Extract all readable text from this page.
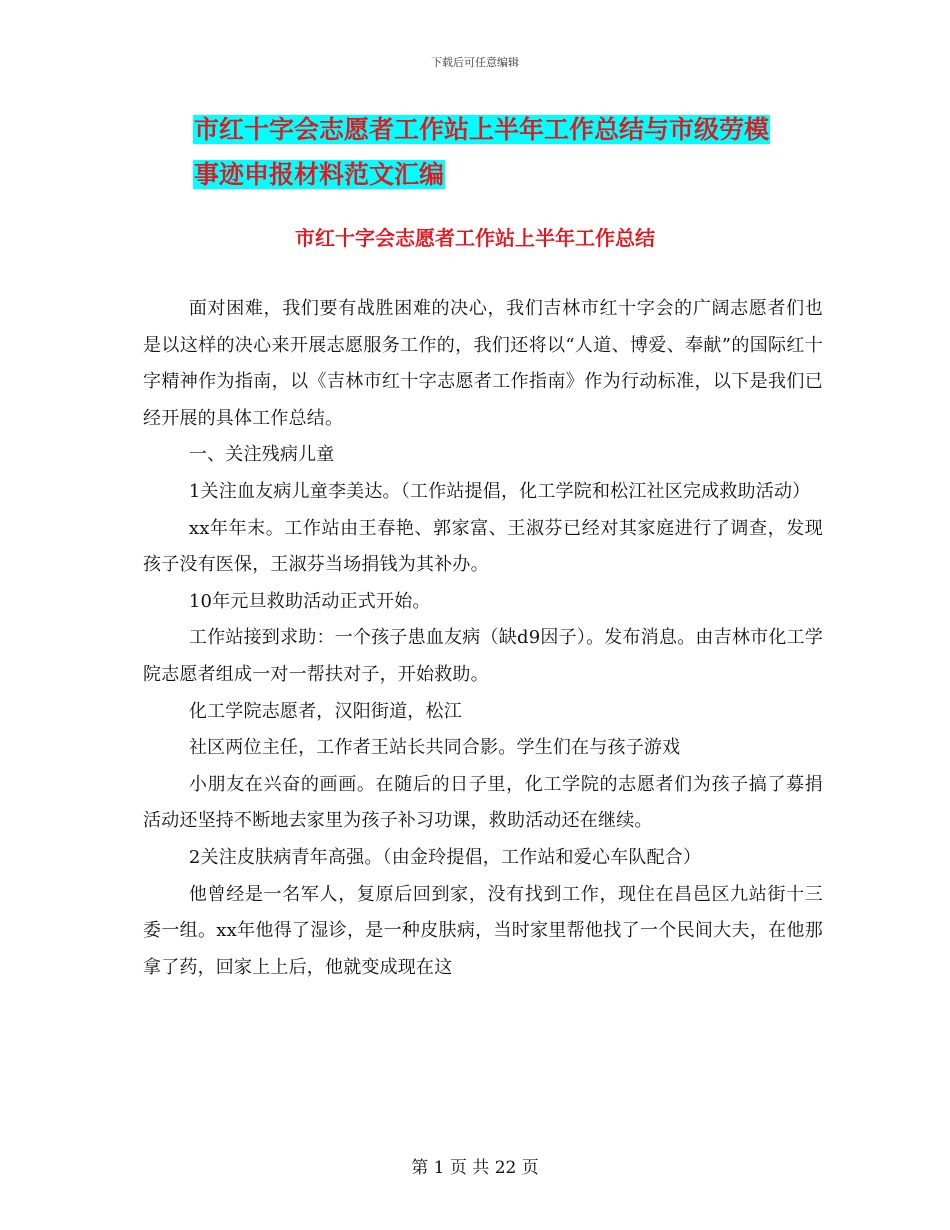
下载后可任意编辑
市红十字会志愿者工作站上半年工作总结与市级劳模
事迹申报材料范文汇编
市红十字会志愿者工作站上半年工作总结

面对困难，我们要有战胜困难的决心，我们吉林市红十字会的广阔志愿者们也是以这样的决心来开展志愿服务工作的，我们还将以“人道、博爱、奉献”的国际红十字精神作为指南，以《吉林市红十字志愿者工作指南》作为行动标准，以下是我们已经开展的具体工作总结。

一、关注残病儿童

1关注血友病儿童李美达。（工作站提倡，化工学院和松江社区完成救助活动）

xx年年末。工作站由王春艳、郭家富、王淑芬已经对其家庭进行了调查，发现孩子没有医保，王淑芬当场捐钱为其补办。

10年元旦救助活动正式开始。

工作站接到求助：一个孩子患血友病（缺d9因子）。发布消息。由吉林市化工学院志愿者组成一对一帮扶对子，开始救助。

化工学院志愿者，汉阳街道，松江

社区两位主任，工作者王站长共同合影。学生们在与孩子游戏

小朋友在兴奋的画画。在随后的日子里，化工学院的志愿者们为孩子搞了募捐活动还坚持不断地去家里为孩子补习功课，救助活动还在继续。

2关注皮肤病青年高强。（由金玲提倡，工作站和爱心车队配合）

他曾经是一名军人，复原后回到家，没有找到工作，现住在昌邑区九站街十三委一组。xx年他得了湿诊，是一种皮肤病，当时家里帮他找了一个民间大夫，在他那拿了药，回家上上后，他就变成现在这

第 1 页 共 22 页
